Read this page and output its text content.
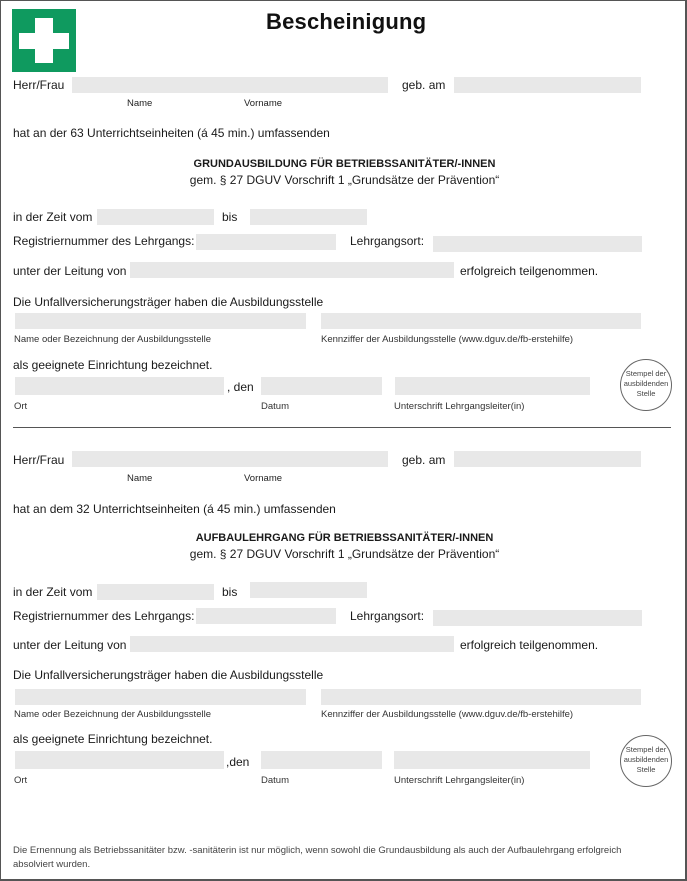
Bescheinigung
Herr/Frau	geb. am
Name	Vorname
hat an der 63 Unterrichtseinheiten (á 45 min.) umfassenden
GRUNDAUSBILDUNG FÜR BETRIEBSSANITÄTER/-INNEN
gem. § 27 DGUV Vorschrift 1 „Grundsätze der Prävention“
in der Zeit vom	bis
Registriernummer des Lehrgangs:	Lehrgangsort:
unter der Leitung von	erfolgreich teilgenommen.
Die Unfallversicherungsträger haben die Ausbildungsstelle
Name oder Bezeichnung der Ausbildungsstelle	Kennziffer der Ausbildungsstelle (www.dguv.de/fb-erstehilfe)
als geeignete Einrichtung bezeichnet.
, den
Ort	Datum	Unterschrift Lehrgangsleiter(in)
Stempel der
ausbildenden
Stelle
Herr/Frau	geb. am
Name	Vorname
hat an dem 32 Unterrichtseinheiten (á 45 min.) umfassenden
AUFBAULEHRGANG FÜR BETRIEBSSANITÄTER/-INNEN
gem. § 27 DGUV Vorschrift 1 „Grundsätze der Prävention“
in der Zeit vom	bis
Registriernummer des Lehrgangs:	Lehrgangsort:
unter der Leitung von	erfolgreich teilgenommen.
Die Unfallversicherungsträger haben die Ausbildungsstelle
Name oder Bezeichnung der Ausbildungsstelle	Kennziffer der Ausbildungsstelle (www.dguv.de/fb-erstehilfe)
als geeignete Einrichtung bezeichnet.
,den
Ort	Datum	Unterschrift Lehrgangsleiter(in)
Stempel der
ausbildenden
Stelle
Die Ernennung als Betriebssanitäter bzw. -sanitäterin ist nur möglich, wenn sowohl die Grundausbildung als auch der Aufbaulehrgang erfolgreich absolviert wurden.
